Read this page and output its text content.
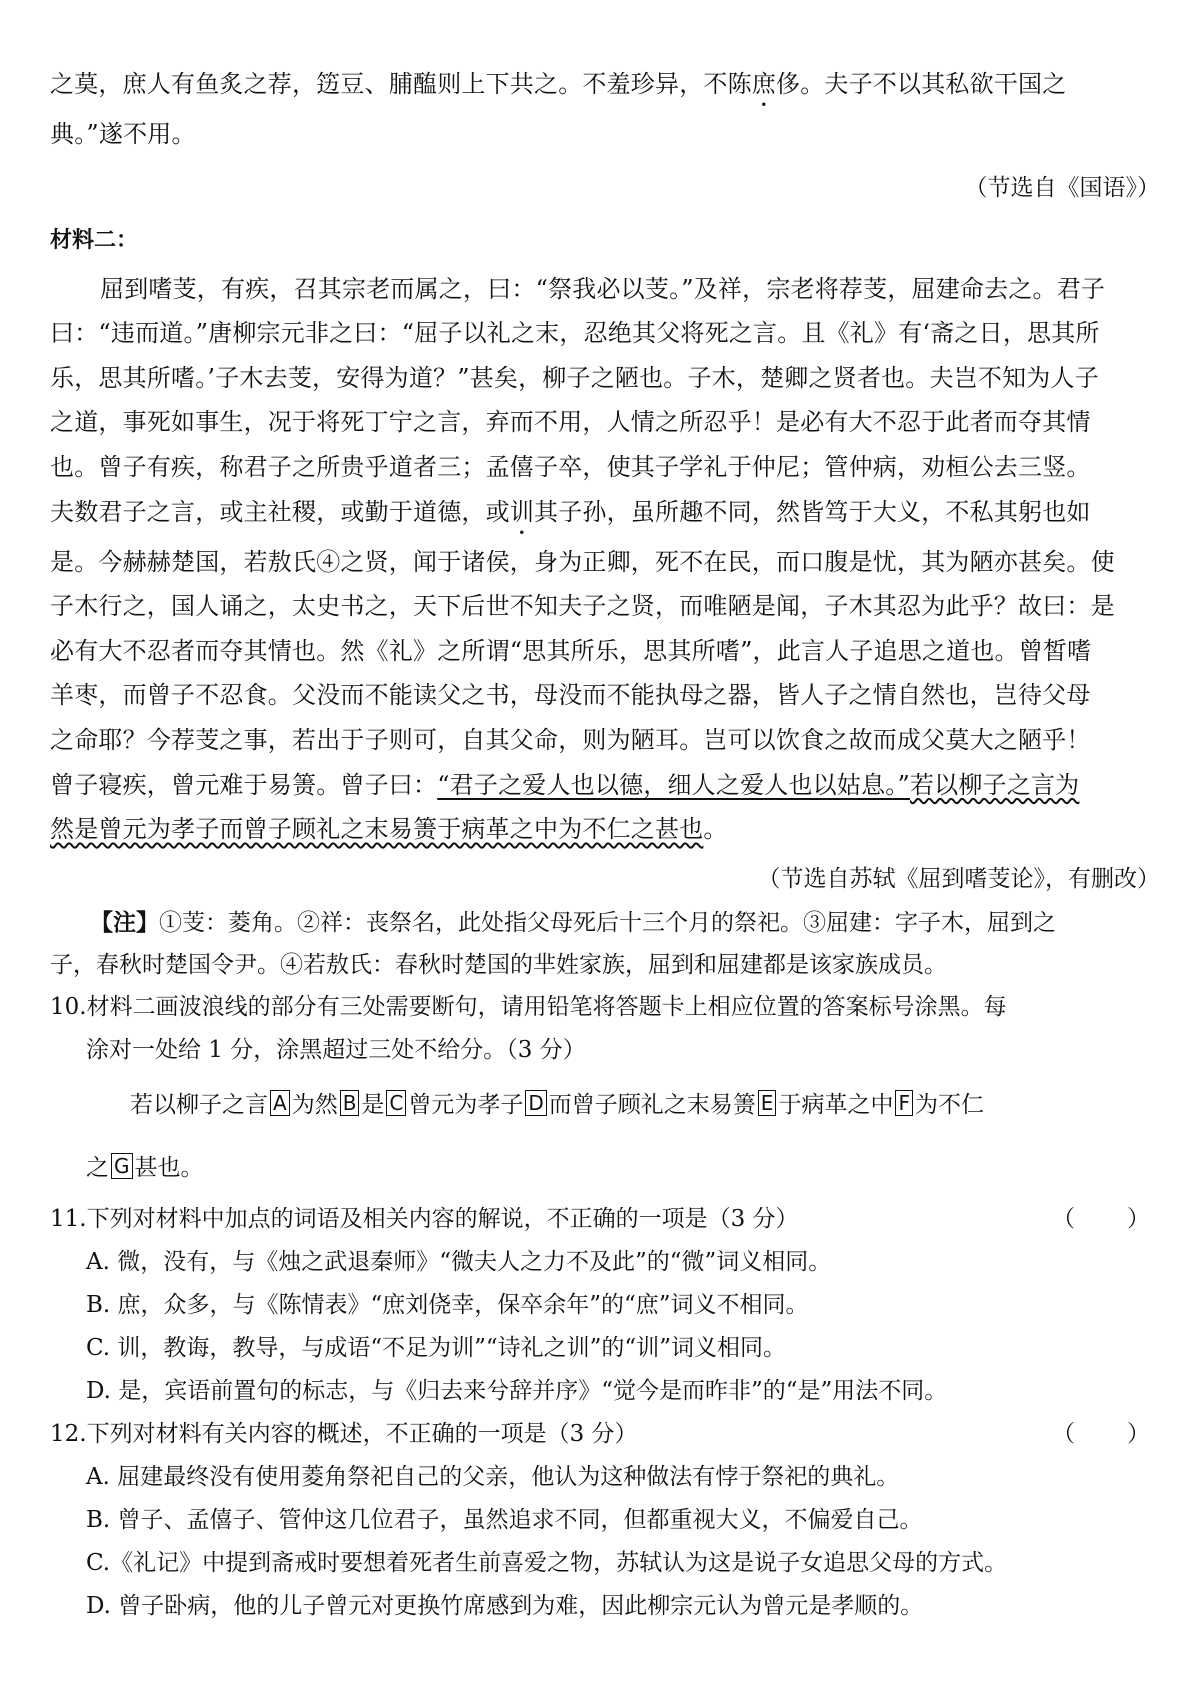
之莫，庶人有鱼炙之荐，笾豆、脯醢则上下共之。不羞珍异，不陈庶侈。夫子不以其私欲干国之
典。”遂不用。
（节选自《国语》）
材料二：
屈到嗜芰，有疾，召其宗老而属之，曰：“祭我必以芰。”及祥，宗老将荐芰，屈建命去之。君子
曰：“违而道。”唐柳宗元非之曰：“屈子以礼之末，忍绝其父将死之言。且《礼》有‘斋之日，思其所
乐，思其所嗜。’子木去芰，安得为道？”甚矣，柳子之陋也。子木，楚卿之贤者也。夫岂不知为人子
之道，事死如事生，况于将死丁宁之言，弃而不用，人情之所忍乎！是必有大不忍于此者而夺其情
也。曾子有疾，称君子之所贵乎道者三；孟僖子卒，使其子学礼于仲尼；管仲病，劝桓公去三竖。
夫数君子之言，或主社稷，或勤于道德，或训其子孙，虽所趣不同，然皆笃于大义，不私其躬也如
是。今赫赫楚国，若敖氏④之贤，闻于诸侯，身为正卿，死不在民，而口腹是忧，其为陋亦甚矣。使
子木行之，国人诵之，太史书之，天下后世不知夫子之贤，而唯陋是闻，子木其忍为此乎？故曰：是
必有大不忍者而夺其情也。然《礼》之所谓“思其所乐，思其所嗜”，此言人子追思之道也。曾皙嗜
羊枣，而曾子不忍食。父没而不能读父之书，母没而不能执母之器，皆人子之情自然也，岂待父母
之命耶？今荐芰之事，若出于子则可，自其父命，则为陋耳。岂可以饮食之故而成父莫大之陋乎！
曾子寝疾，曾元难于易箦。曾子曰：“君子之爱人也以德，细人之爱人也以姑息。”若以柳子之言为
然是曾元为孝子而曾子顾礼之末易箦于病革之中为不仁之甚也。
（节选自苏轼《屈到嗜芰论》，有删改）
【注】①芰：菱角。②祥：丧祭名，此处指父母死后十三个月的祭祀。③屈建：字子木，屈到之
子，春秋时楚国令尹。④若敖氏：春秋时楚国的芈姓家族，屈到和屈建都是该家族成员。
10.材料二画波浪线的部分有三处需要断句，请用铅笔将答题卡上相应位置的答案标号涂黑。每
涂对一处给 1 分，涂黑超过三处不给分。（3 分）
若以柳子之言 A 为然 B 是 C 曾元为孝子 D 而曾子顾礼之末易箦 E 于病革之中 F 为不仁
之 G 甚也。
11.下列对材料中加点的词语及相关内容的解说，不正确的一项是（3 分）	（　　）
A. 微，没有，与《烛之武退秦师》“微夫人之力不及此”的“微”词义相同。
B. 庶，众多，与《陈情表》“庶刘侥幸，保卒余年”的“庶”词义不相同。
C. 训，教诲，教导，与成语“不足为训”“诗礼之训”的“训”词义相同。
D. 是，宾语前置句的标志，与《归去来兮辞并序》“觉今是而昨非”的“是”用法不同。
12.下列对材料有关内容的概述，不正确的一项是（3 分）	（　　）
A. 屈建最终没有使用菱角祭祀自己的父亲，他认为这种做法有悖于祭祀的典礼。
B. 曾子、孟僖子、管仲这几位君子，虽然追求不同，但都重视大义，不偏爱自己。
C.《礼记》中提到斋戒时要想着死者生前喜爱之物，苏轼认为这是说子女追思父母的方式。
D. 曾子卧病，他的儿子曾元对更换竹席感到为难，因此柳宗元认为曾元是孝顺的。
